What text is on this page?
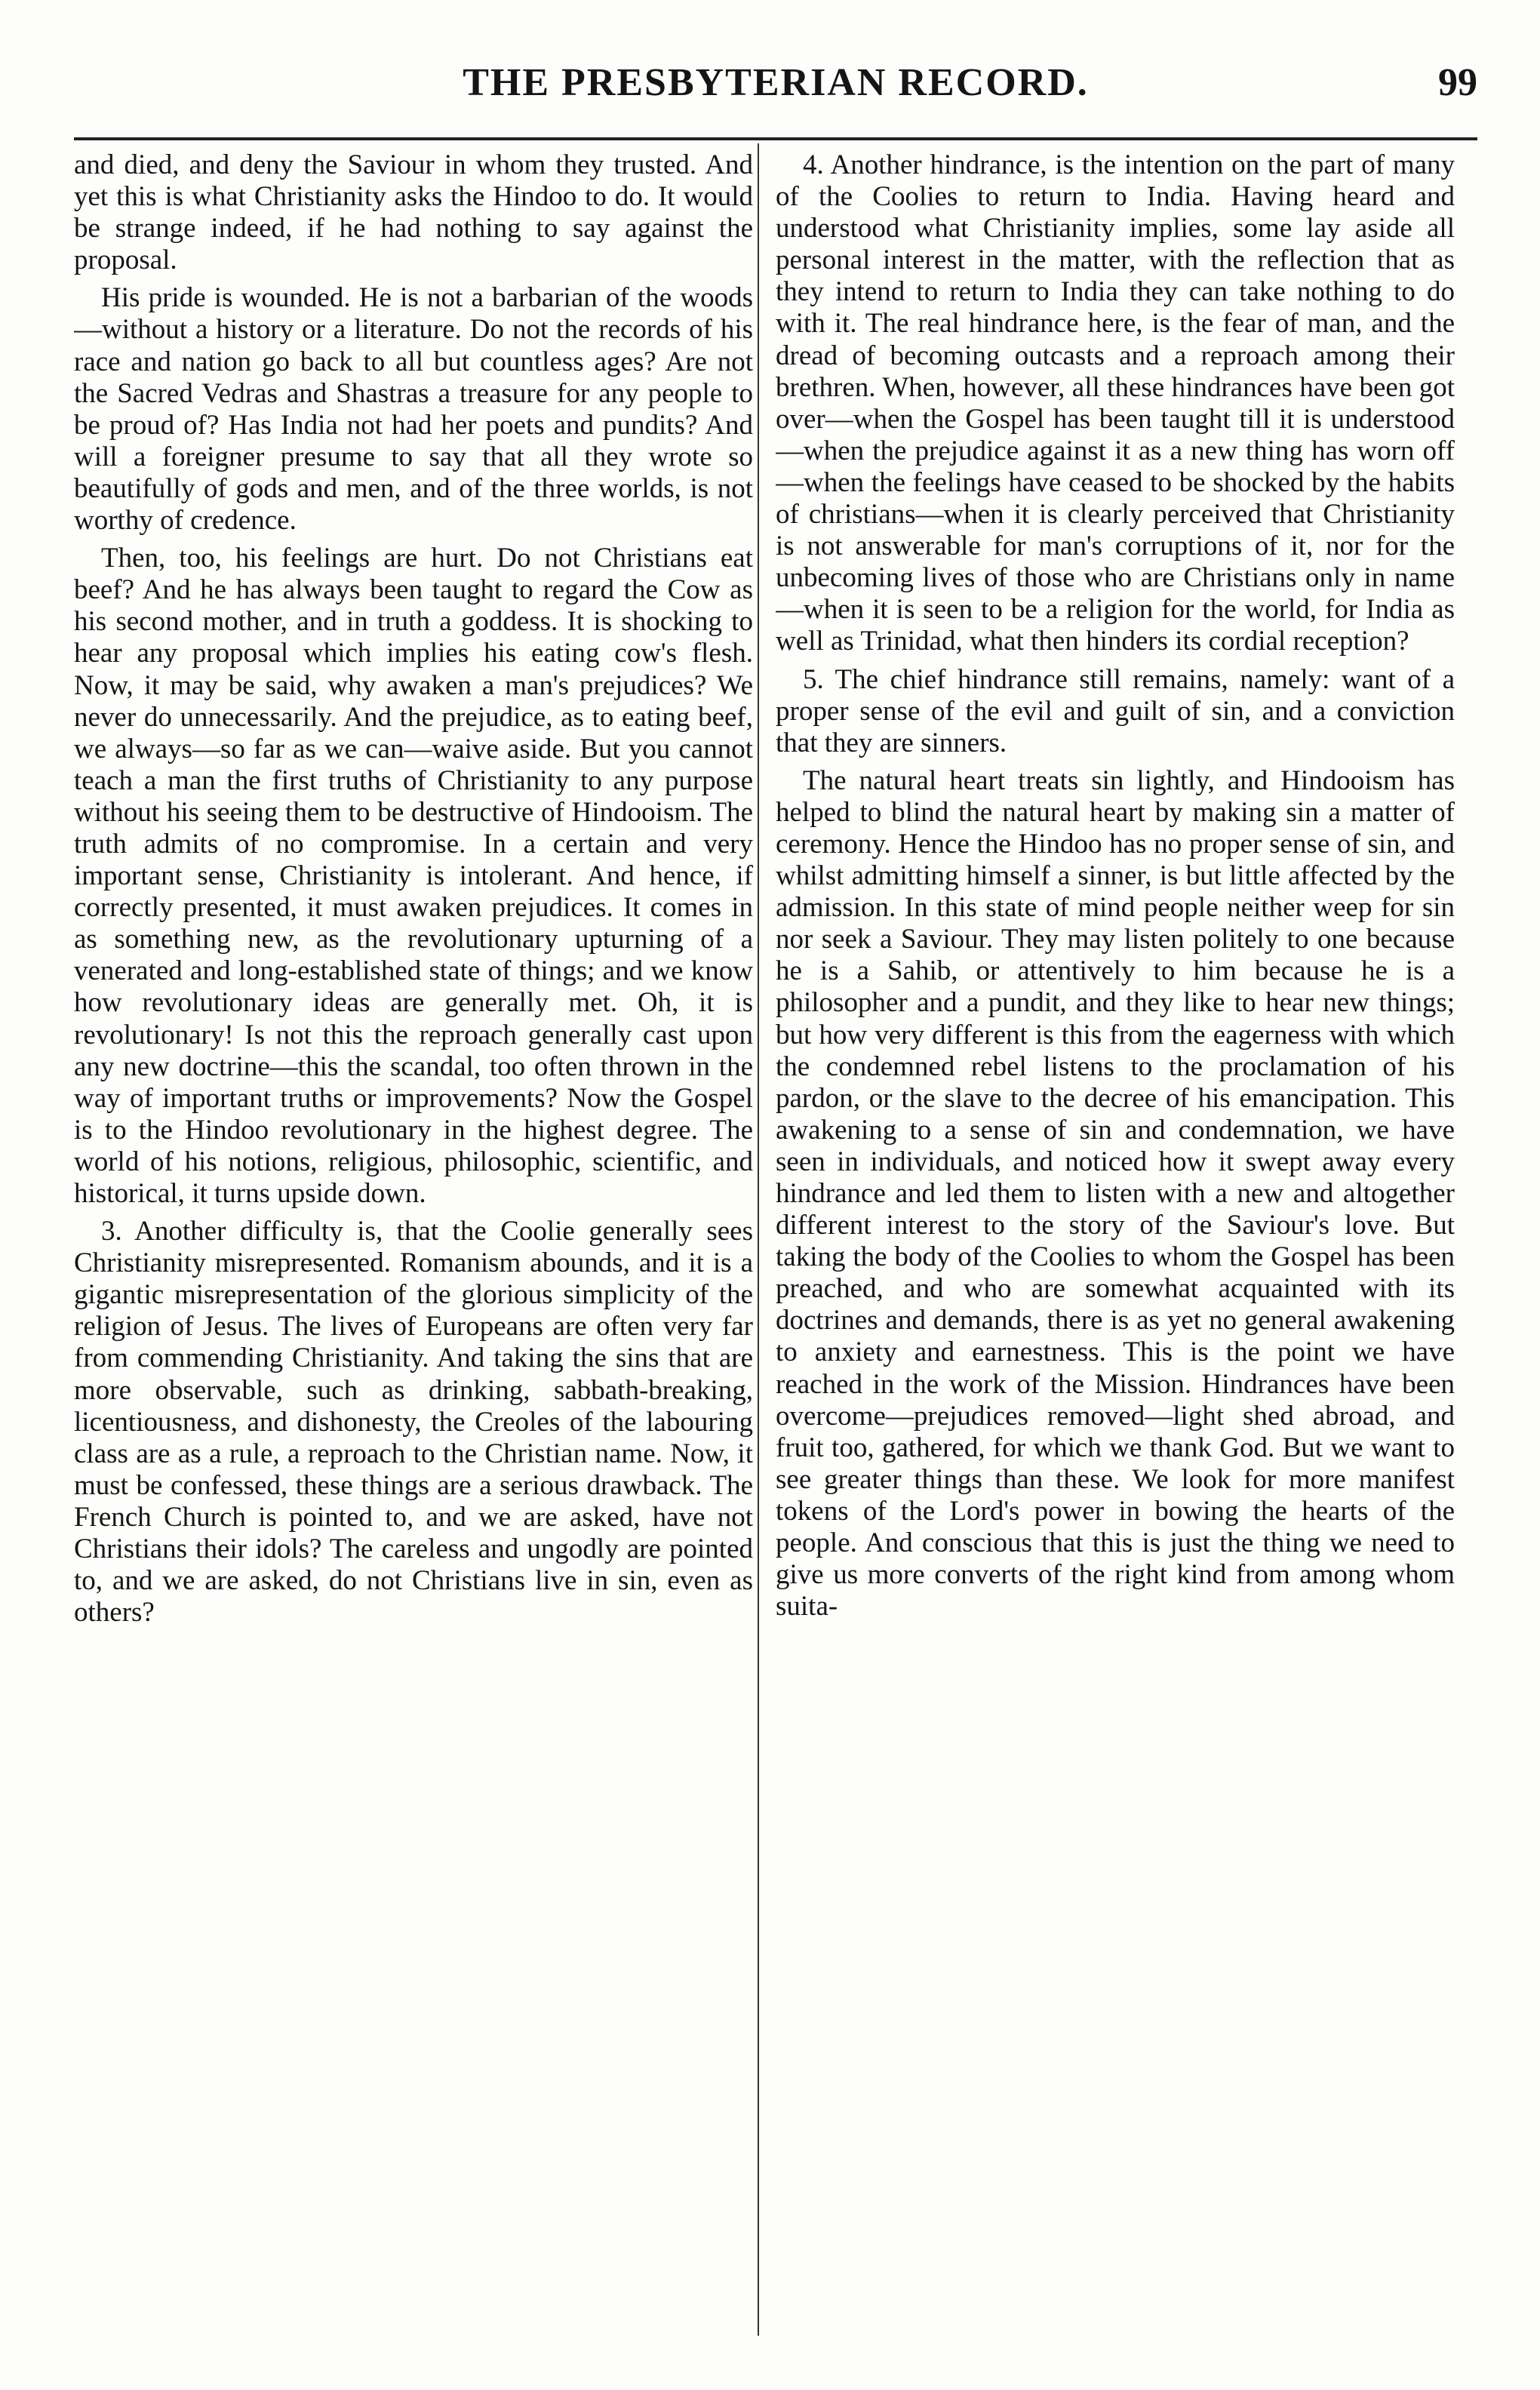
THE PRESBYTERIAN RECORD.	99

and died, and deny the Saviour in whom they trusted. And yet this is what Christianity asks the Hindoo to do. It would be strange indeed, if he had nothing to say against the proposal.

His pride is wounded. He is not a barbarian of the woods—without a history or a literature. Do not the records of his race and nation go back to all but countless ages? Are not the Sacred Vedras and Shastras a treasure for any people to be proud of? Has India not had her poets and pundits? And will a foreigner presume to say that all they wrote so beautifully of gods and men, and of the three worlds, is not worthy of credence.

Then, too, his feelings are hurt. Do not Christians eat beef? And he has always been taught to regard the Cow as his second mother, and in truth a goddess. It is shocking to hear any proposal which implies his eating cow's flesh. Now, it may be said, why awaken a man's prejudices? We never do unnecessarily. And the prejudice, as to eating beef, we always—so far as we can—waive aside. But you cannot teach a man the first truths of Christianity to any purpose without his seeing them to be destructive of Hindooism. The truth admits of no compromise. In a certain and very important sense, Christianity is intolerant. And hence, if correctly presented, it must awaken prejudices. It comes in as something new, as the revolutionary upturning of a venerated and long-established state of things; and we know how revolutionary ideas are generally met. Oh, it is revolutionary! Is not this the reproach generally cast upon any new doctrine—this the scandal, too often thrown in the way of important truths or improvements? Now the Gospel is to the Hindoo revolutionary in the highest degree. The world of his notions, religious, philosophic, scientific, and historical, it turns upside down.

3. Another difficulty is, that the Coolie generally sees Christianity misrepresented. Romanism abounds, and it is a gigantic misrepresentation of the glorious simplicity of the religion of Jesus. The lives of Europeans are often very far from commending Christianity. And taking the sins that are more observable, such as drinking, sabbath-breaking, licentiousness, and dishonesty, the Creoles of the labouring class are as a rule, a reproach to the Christian name. Now, it must be confessed, these things are a serious drawback. The French Church is pointed to, and we are asked, have not Christians their idols? The careless and ungodly are pointed to, and we are asked, do not Christians live in sin, even as others?

4. Another hindrance, is the intention on the part of many of the Coolies to return to India. Having heard and understood what Christianity implies, some lay aside all personal interest in the matter, with the reflection that as they intend to return to India they can take nothing to do with it. The real hindrance here, is the fear of man, and the dread of becoming outcasts and a reproach among their brethren. When, however, all these hindrances have been got over—when the Gospel has been taught till it is understood—when the prejudice against it as a new thing has worn off—when the feelings have ceased to be shocked by the habits of christians—when it is clearly perceived that Christianity is not answerable for man's corruptions of it, nor for the unbecoming lives of those who are Christians only in name—when it is seen to be a religion for the world, for India as well as Trinidad, what then hinders its cordial reception?

5. The chief hindrance still remains, namely: want of a proper sense of the evil and guilt of sin, and a conviction that they are sinners.

The natural heart treats sin lightly, and Hindooism has helped to blind the natural heart by making sin a matter of ceremony. Hence the Hindoo has no proper sense of sin, and whilst admitting himself a sinner, is but little affected by the admission. In this state of mind people neither weep for sin nor seek a Saviour. They may listen politely to one because he is a Sahib, or attentively to him because he is a philosopher and a pundit, and they like to hear new things; but how very different is this from the eagerness with which the condemned rebel listens to the proclamation of his pardon, or the slave to the decree of his emancipation. This awakening to a sense of sin and condemnation, we have seen in individuals, and noticed how it swept away every hindrance and led them to listen with a new and altogether different interest to the story of the Saviour's love. But taking the body of the Coolies to whom the Gospel has been preached, and who are somewhat acquainted with its doctrines and demands, there is as yet no general awakening to anxiety and earnestness. This is the point we have reached in the work of the Mission. Hindrances have been overcome—prejudices removed—light shed abroad, and fruit too, gathered, for which we thank God. But we want to see greater things than these. We look for more manifest tokens of the Lord's power in bowing the hearts of the people. And conscious that this is just the thing we need to give us more converts of the right kind from among whom suita-
